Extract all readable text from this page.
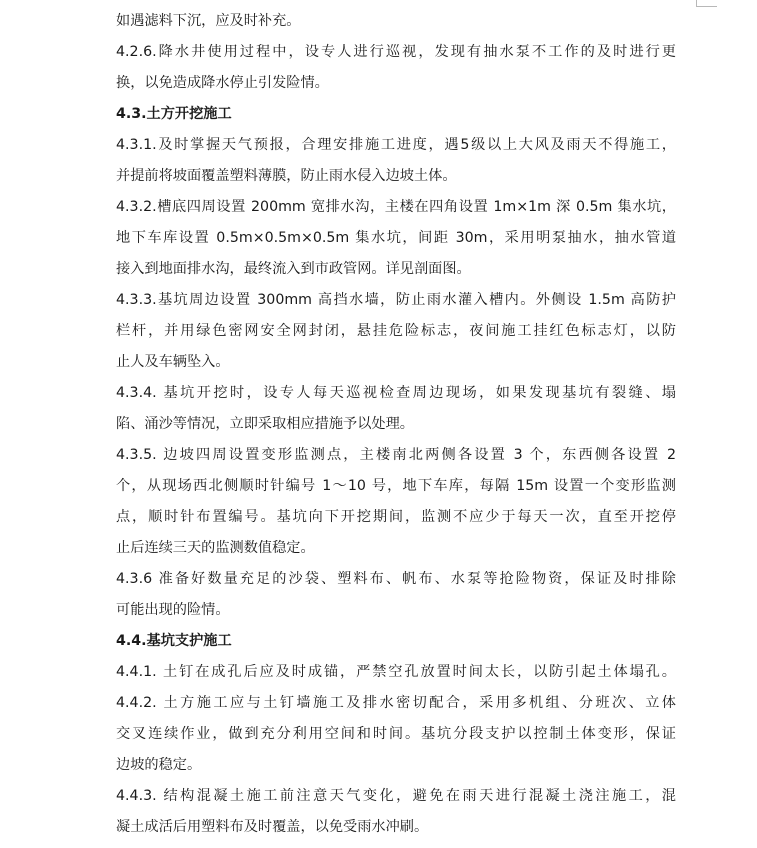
如遇滤料下沉，应及时补充。
4.2.6.降水井使用过程中，设专人进行巡视，发现有抽水泵不工作的及时进行更
换，以免造成降水停止引发险情。
4.3.土方开挖施工
4.3.1.及时掌握天气预报，合理安排施工进度，遇5级以上大风及雨天不得施工，
并提前将坡面覆盖塑料薄膜，防止雨水侵入边坡土体。
4.3.2.槽底四周设置 200mm 宽排水沟，主楼在四角设置 1m×1m 深 0.5m 集水坑，
地下车库设置 0.5m×0.5m×0.5m 集水坑，间距 30m，采用明泵抽水，抽水管道
接入到地面排水沟，最终流入到市政管网。详见剖面图。
4.3.3.基坑周边设置 300mm 高挡水墙，防止雨水灌入槽内。外侧设 1.5m 高防护
栏杆，并用绿色密网安全网封闭，悬挂危险标志，夜间施工挂红色标志灯，以防
止人及车辆坠入。
4.3.4. 基坑开挖时，设专人每天巡视检查周边现场，如果发现基坑有裂缝、塌
陷、涌沙等情况，立即采取相应措施予以处理。
4.3.5. 边坡四周设置变形监测点，主楼南北两侧各设置 3 个，东西侧各设置 2
个，从现场西北侧顺时针编号 1～10 号，地下车库，每隔 15m 设置一个变形监测
点，顺时针布置编号。基坑向下开挖期间，监测不应少于每天一次，直至开挖停
止后连续三天的监测数值稳定。
4.3.6 准备好数量充足的沙袋、塑料布、帆布、水泵等抢险物资，保证及时排除
可能出现的险情。
4.4.基坑支护施工
4.4.1. 土钉在成孔后应及时成锚，严禁空孔放置时间太长，以防引起土体塌孔。
4.4.2. 土方施工应与土钉墙施工及排水密切配合，采用多机组、分班次、立体
交叉连续作业，做到充分利用空间和时间。基坑分段支护以控制土体变形，保证
边坡的稳定。
4.4.3. 结构混凝土施工前注意天气变化，避免在雨天进行混凝土浇注施工，混
凝土成活后用塑料布及时覆盖，以免受雨水冲刷。
